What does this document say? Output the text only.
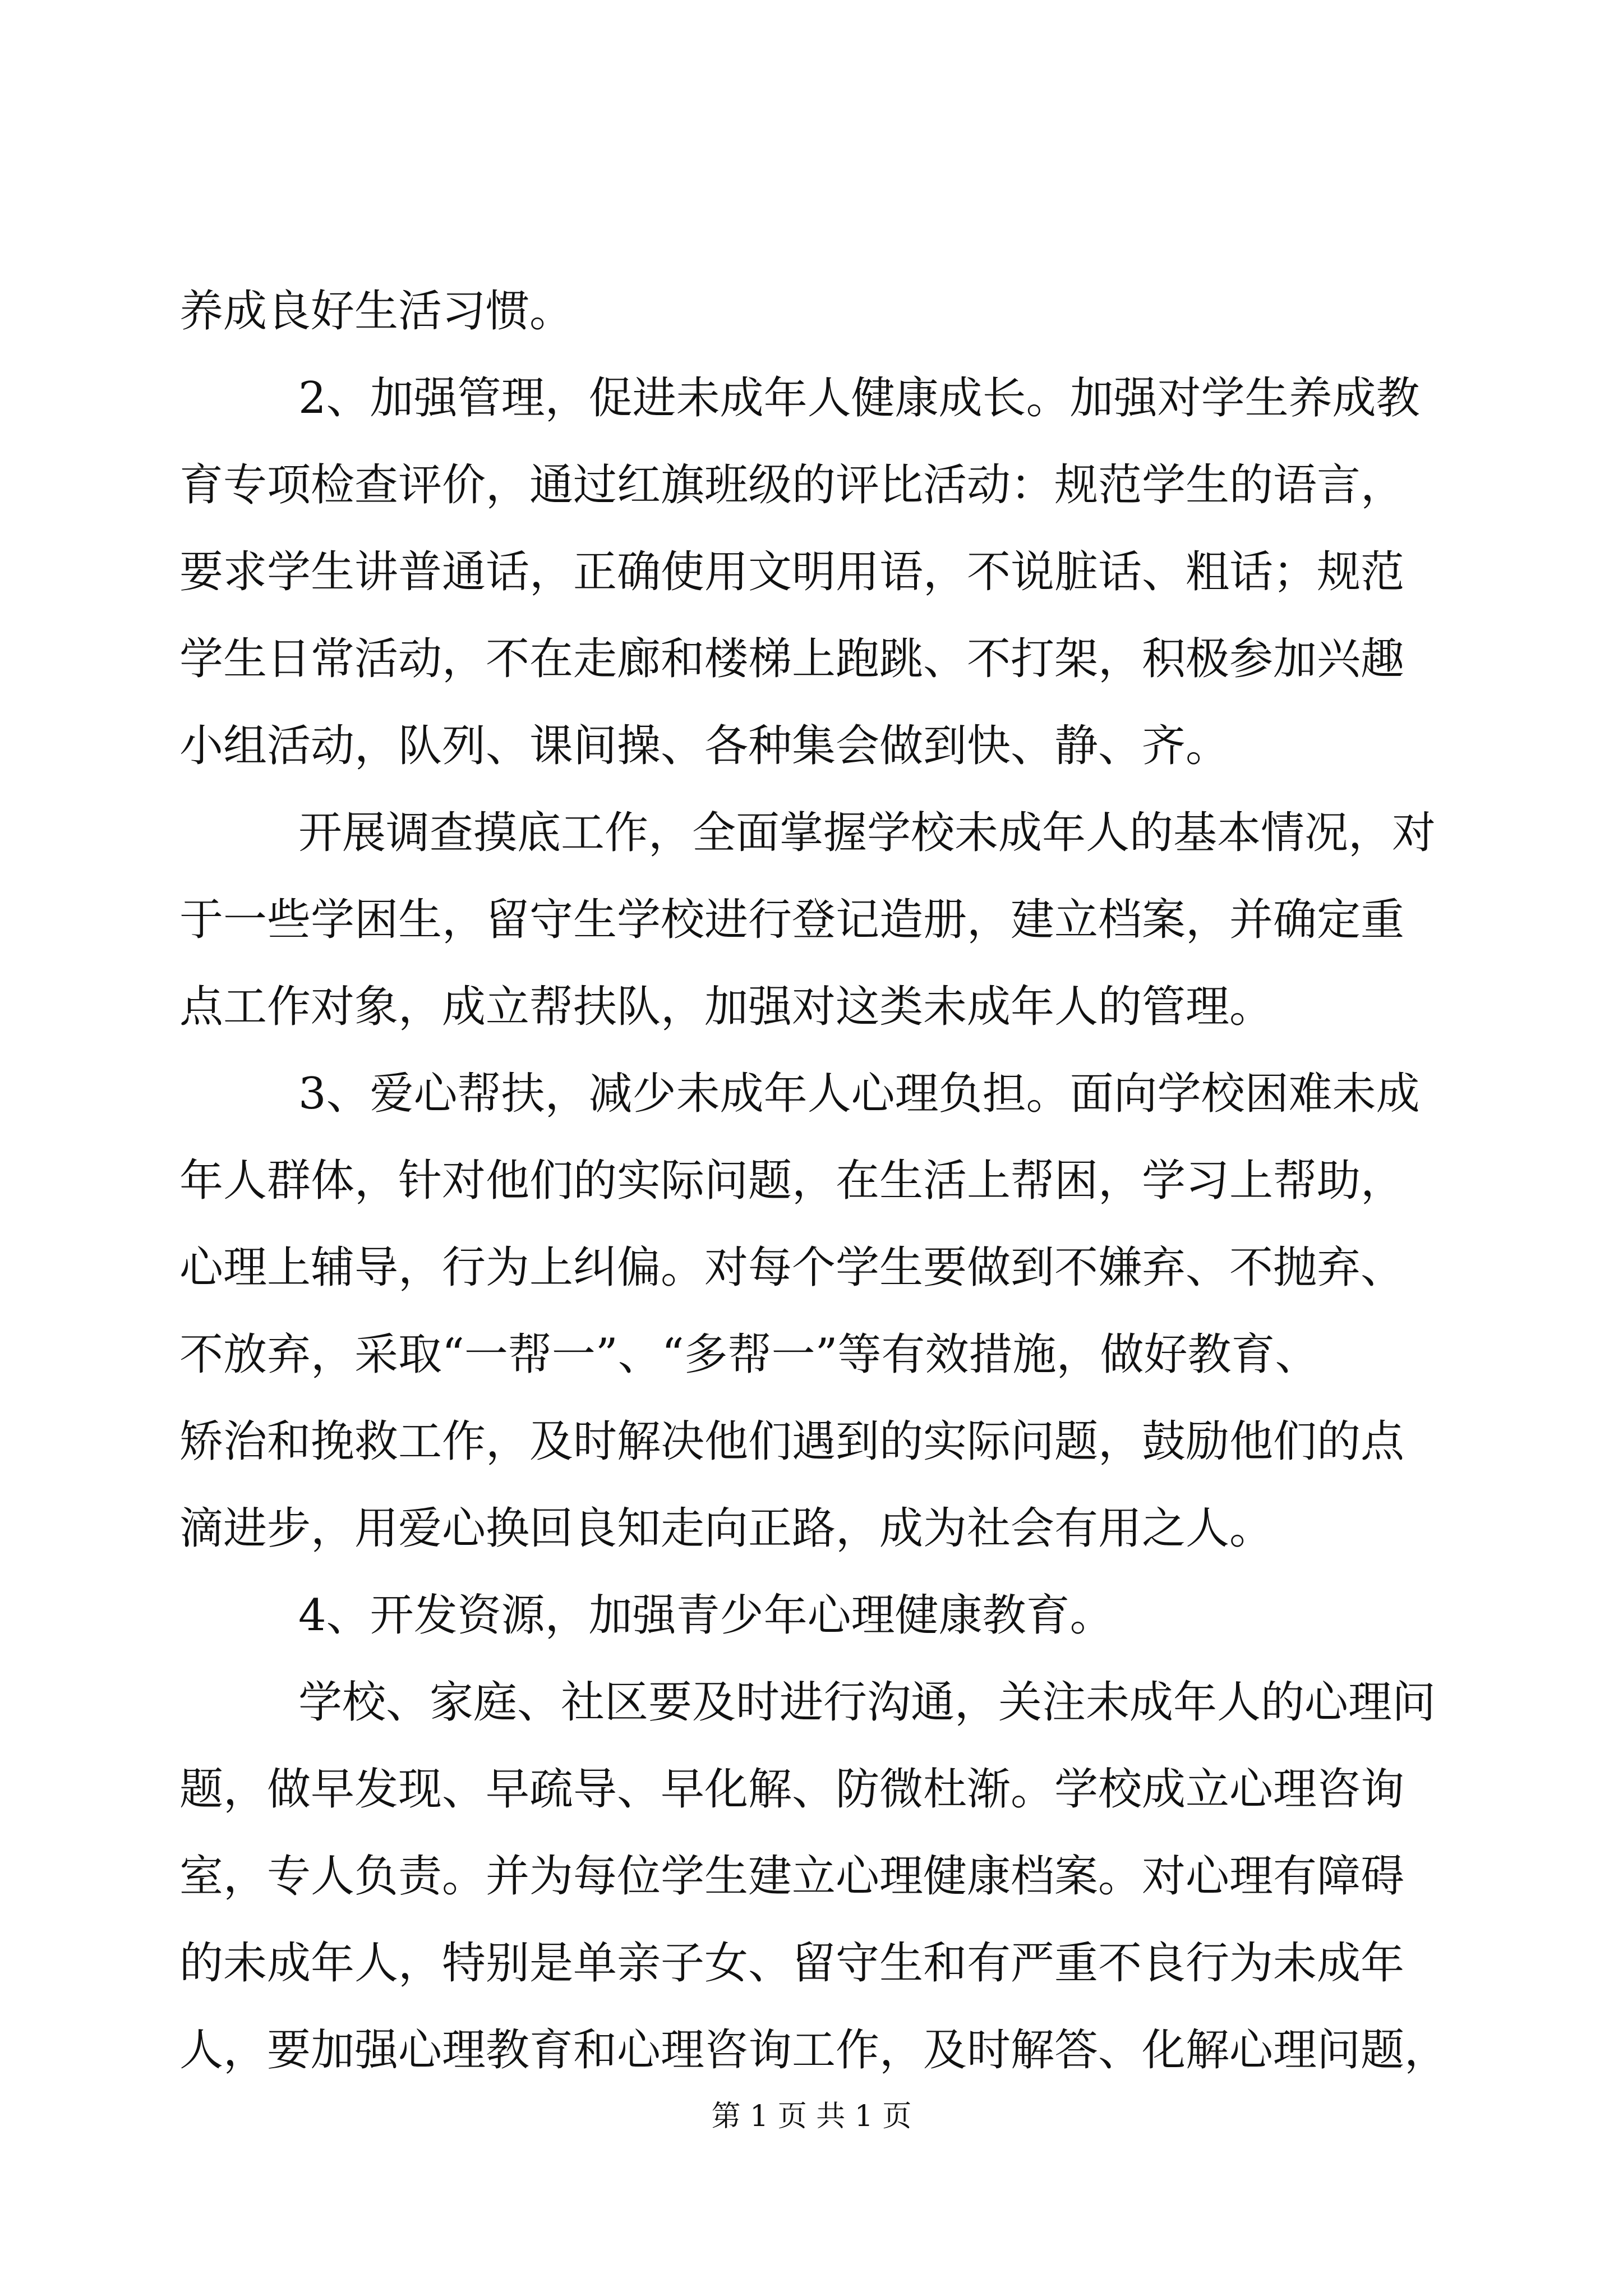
养成良好生活习惯。
2、加强管理，促进未成年人健康成长。加强对学生养成教
育专项检查评价，通过红旗班级的评比活动：规范学生的语言，
要求学生讲普通话，正确使用文明用语，不说脏话、粗话；规范
学生日常活动，不在走廊和楼梯上跑跳、不打架，积极参加兴趣
小组活动，队列、课间操、各种集会做到快、静、齐。
开展调查摸底工作，全面掌握学校未成年人的基本情况，对
于一些学困生，留守生学校进行登记造册，建立档案，并确定重
点工作对象，成立帮扶队，加强对这类未成年人的管理。
3、爱心帮扶，减少未成年人心理负担。面向学校困难未成
年人群体，针对他们的实际问题，在生活上帮困，学习上帮助，
心理上辅导，行为上纠偏。对每个学生要做到不嫌弃、不抛弃、
不放弃，采取“一帮一”、“多帮一”等有效措施，做好教育、
矫治和挽救工作，及时解决他们遇到的实际问题，鼓励他们的点
滴进步，用爱心换回良知走向正路，成为社会有用之人。
4、开发资源，加强青少年心理健康教育。
学校、家庭、社区要及时进行沟通，关注未成年人的心理问
题，做早发现、早疏导、早化解、防微杜渐。学校成立心理咨询
室，专人负责。并为每位学生建立心理健康档案。对心理有障碍
的未成年人，特别是单亲子女、留守生和有严重不良行为未成年
人，要加强心理教育和心理咨询工作，及时解答、化解心理问题，
第 1 页 共 1 页
